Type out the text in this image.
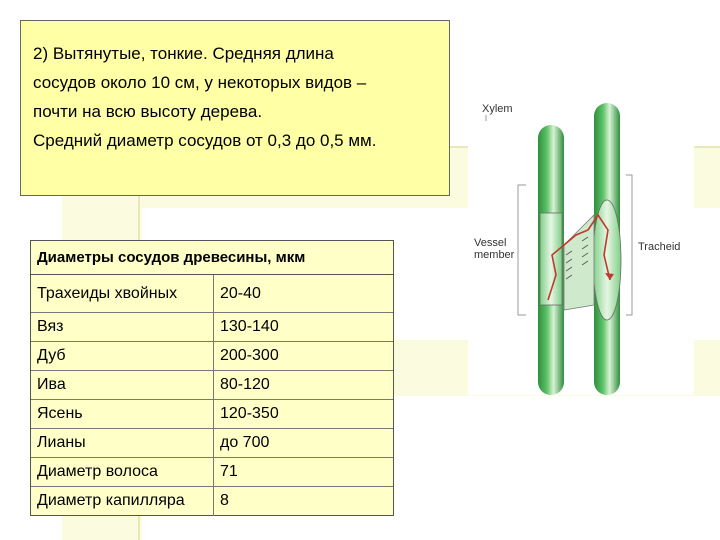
2) Вытянутые, тонкие. Средняя длина

сосудов около 10 см, у некоторых видов –

почти на всю высоту дерева.

Средний диаметр сосудов от 0,3 до 0,5 мм.

Диаметры сосудов древесины, мкм	
Трахеиды хвойных	20-40
Вяз	130-140
Дуб	200-300
Ива	80-120
Ясень	120-350
Лианы	до 700
Диаметр волоса	71
Диаметр капилляра	8
Xylem
Vessel
member
Tracheid
